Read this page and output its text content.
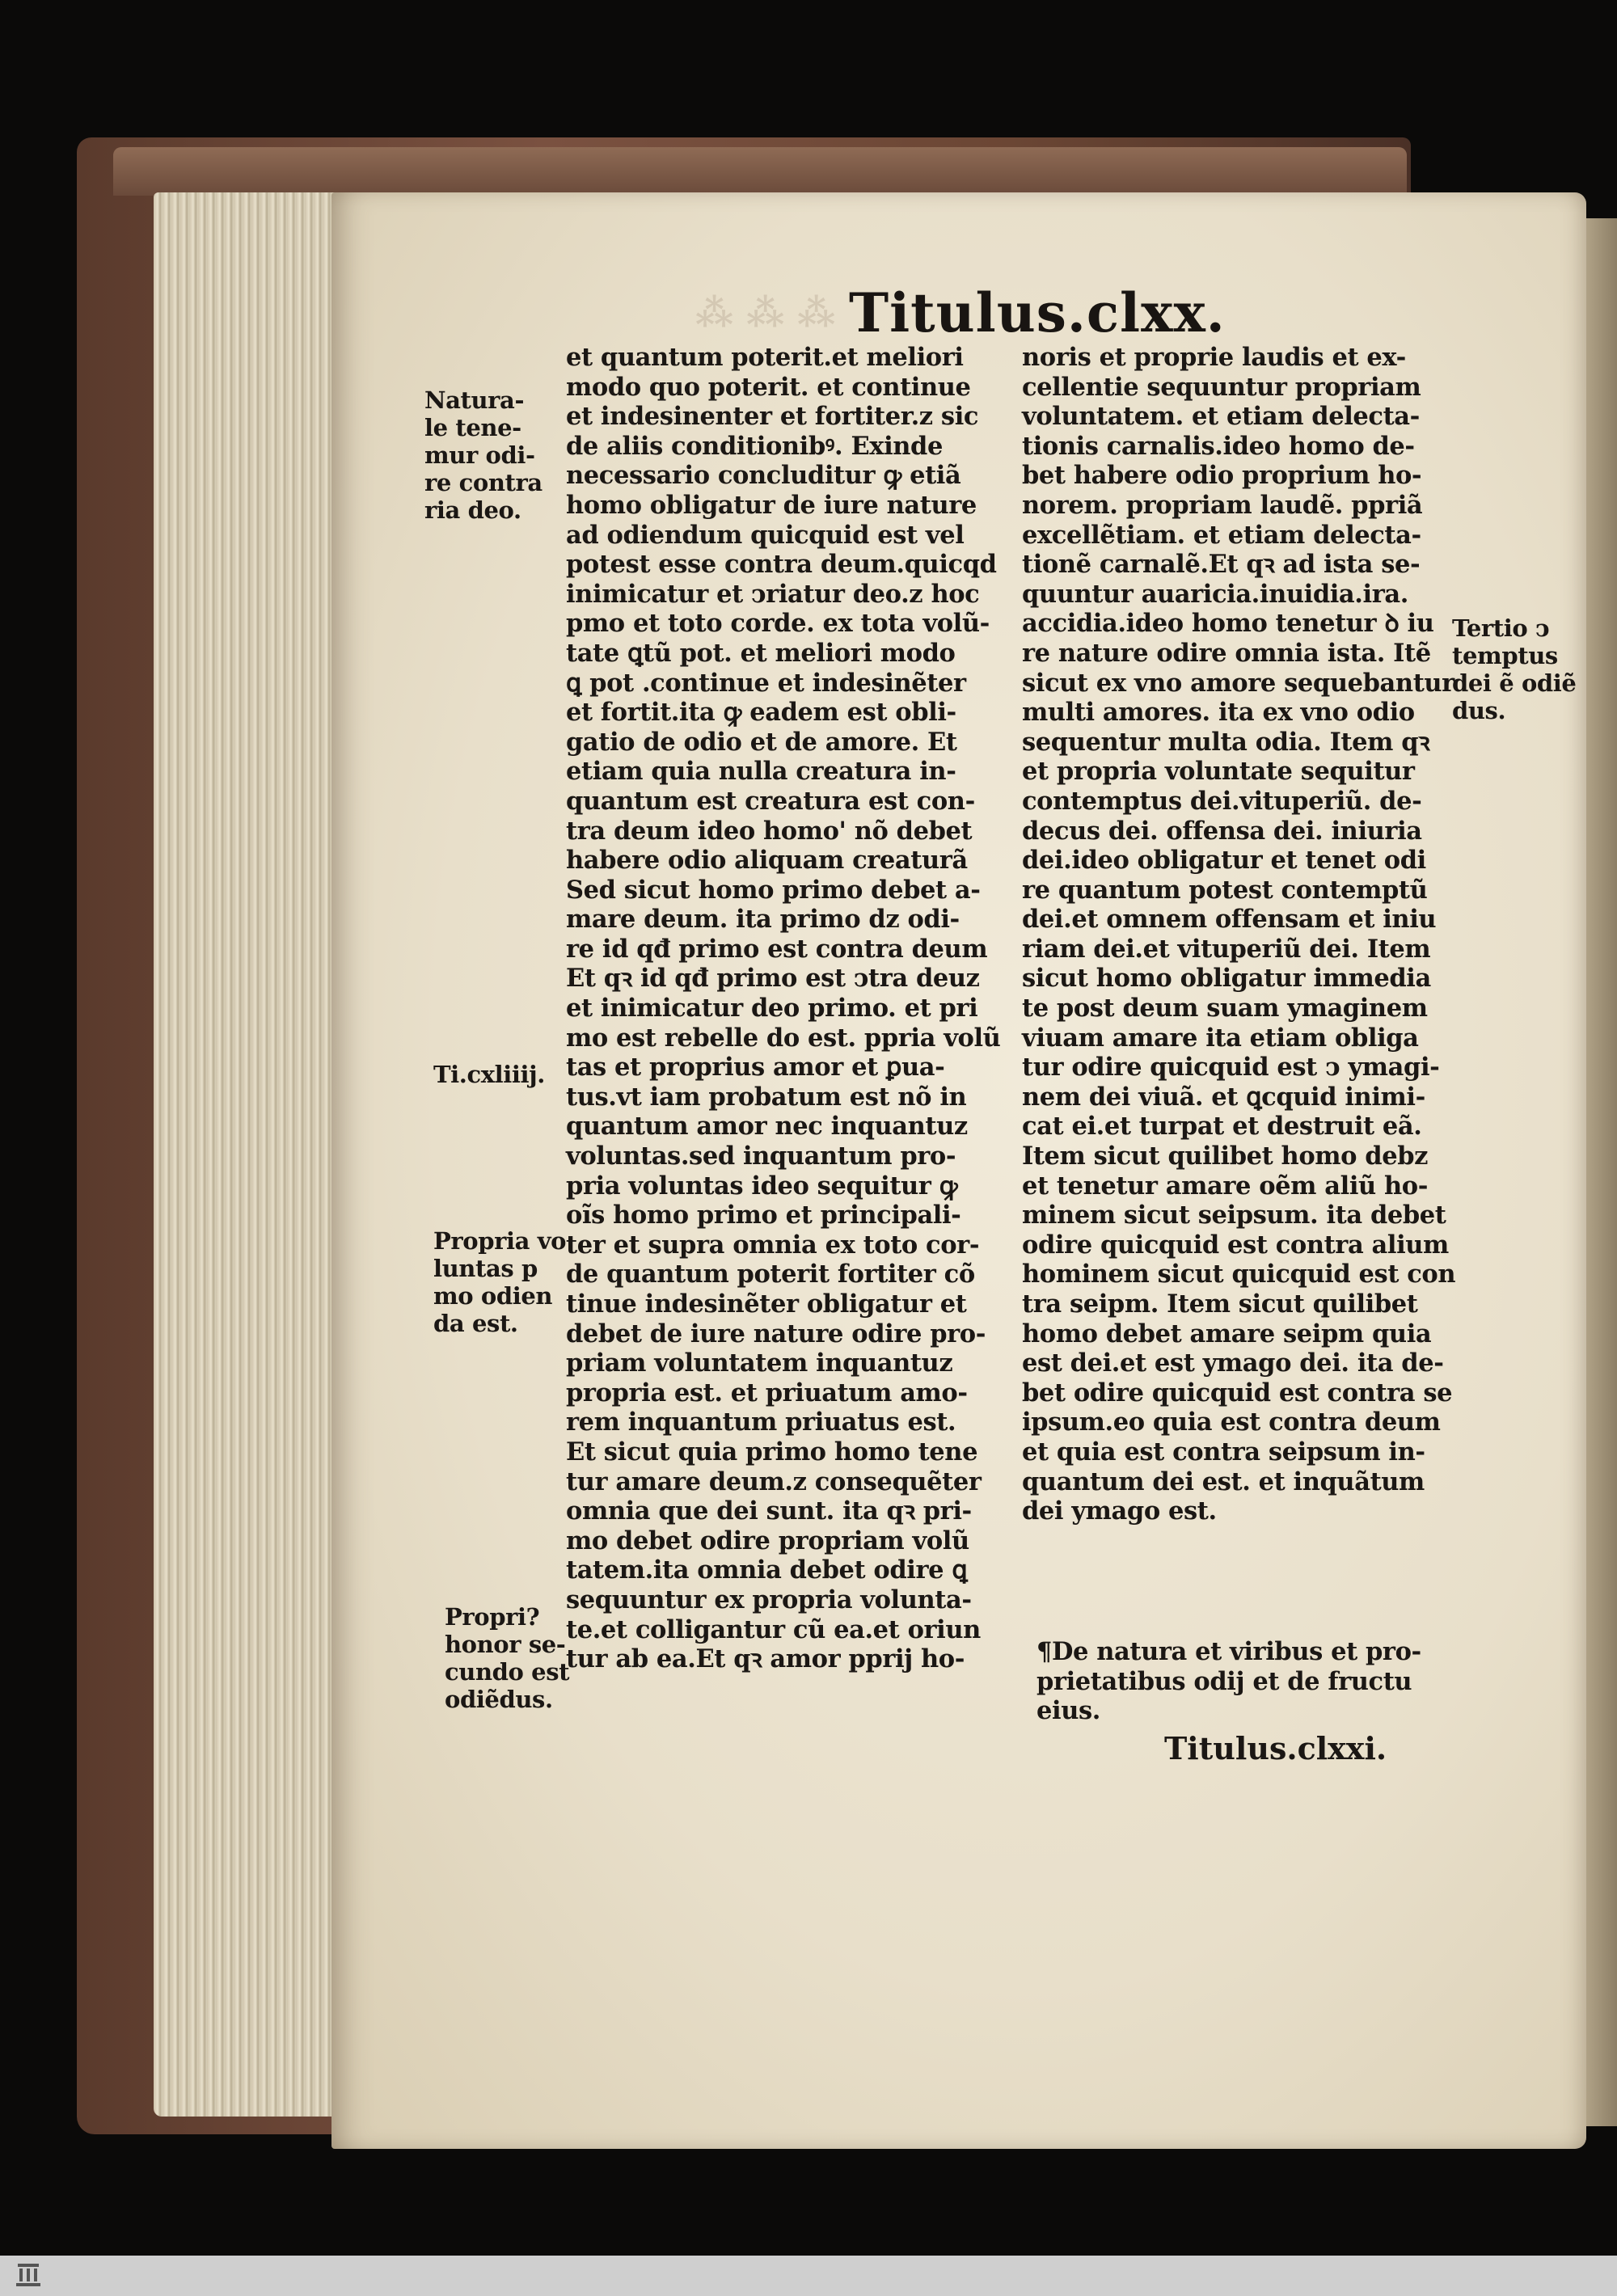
⁂ ⁂ ⁂ Titulus.clxx.
et quantum poterit.et meliori
modo quo poterit. et continue
et indesinenter et fortiter.z sic
de aliis conditionibꝰ. Exinde
necessario concluditur ꝙ etiã
homo obligatur de iure nature
ad odiendum quicquid est vel
potest esse contra deum.quicqd
inimicatur et ↄriatur deo.z hoc
pmo et toto corde. ex tota volũ-
tate ꝗtũ pot. et meliori modo
ꝗ pot .continue et indesinẽter
et fortit.ita ꝙ eadem est obli-
gatio de odio et de amore. Et
etiam quia nulla creatura in-
quantum est creatura est con-
tra deum ideo homo' nõ debet
habere odio aliquam creaturã
Sed sicut homo primo debet a-
mare deum. ita primo dz odi-
re id qđ primo est contra deum
Et qꝛ id qđ primo est ↄtra deuz
et inimicatur deo primo. et pri
mo est rebelle do est. ppria volũ
tas et proprius amor et ꝑua-
tus.vt iam probatum est nõ in
quantum amor nec inquantuz
voluntas.sed inquantum pro-
pria voluntas ideo sequitur ꝙ
oĩs homo primo et principali-
ter et supra omnia ex toto cor-
de quantum poterit fortiter cõ
tinue indesinẽter obligatur et
debet de iure nature odire pro-
priam voluntatem inquantuz
propria est. et priuatum amo-
rem inquantum priuatus est.
Et sicut quia primo homo tene
tur amare deum.z consequẽter
omnia que dei sunt. ita qꝛ pri-
mo debet odire propriam volũ
tatem.ita omnia debet odire ꝗ
sequuntur ex propria volunta-
te.et colligantur cũ ea.et oriun
tur ab ea.Et qꝛ amor pprij ho-
noris et proprie laudis et ex-
cellentie sequuntur propriam
voluntatem. et etiam delecta-
tionis carnalis.ideo homo de-
bet habere odio proprium ho-
norem. propriam laudẽ. ppriã
excellẽtiam. et etiam delecta-
tionẽ carnalẽ.Et qꝛ ad ista se-
quuntur auaricia.inuidia.ira.
accidia.ideo homo tenetur ꝺ iu
re nature odire omnia ista. Itẽ
sicut ex vno amore sequebantur
multi amores. ita ex vno odio
sequentur multa odia. Item qꝛ
et propria voluntate sequitur
contemptus dei.vituperiũ. de-
decus dei. offensa dei. iniuria
dei.ideo obligatur et tenet odi
re quantum potest contemptũ
dei.et omnem offensam et iniu
riam dei.et vituperiũ dei. Item
sicut homo obligatur immedia
te post deum suam ymaginem
viuam amare ita etiam obliga
tur odire quicquid est ↄ ymagi-
nem dei viuã. et ꝗcquid inimi-
cat ei.et turpat et destruit eã.
Item sicut quilibet homo debz
et tenetur amare oẽm aliũ ho-
minem sicut seipsum. ita debet
odire quicquid est contra alium
hominem sicut quicquid est con
tra seipm. Item sicut quilibet
homo debet amare seipm quia
est dei.et est ymago dei. ita de-
bet odire quicquid est contra se
ipsum.eo quia est contra deum
et quia est contra seipsum in-
quantum dei est. et inquãtum
dei ymago est.
Natura-
le tene-
mur odi-
re contra
ria deo.
Ti.cxliiij.
Propria vo
luntas p
mo odien
da est.
Propri?
honor se-
cundo est
odiẽdus.
Tertio ↄ
temptus
dei ẽ odiẽ
dus.
¶De natura et viribus et pro-
prietatibus odij et de fructu
eius.
Titulus.clxxi.
